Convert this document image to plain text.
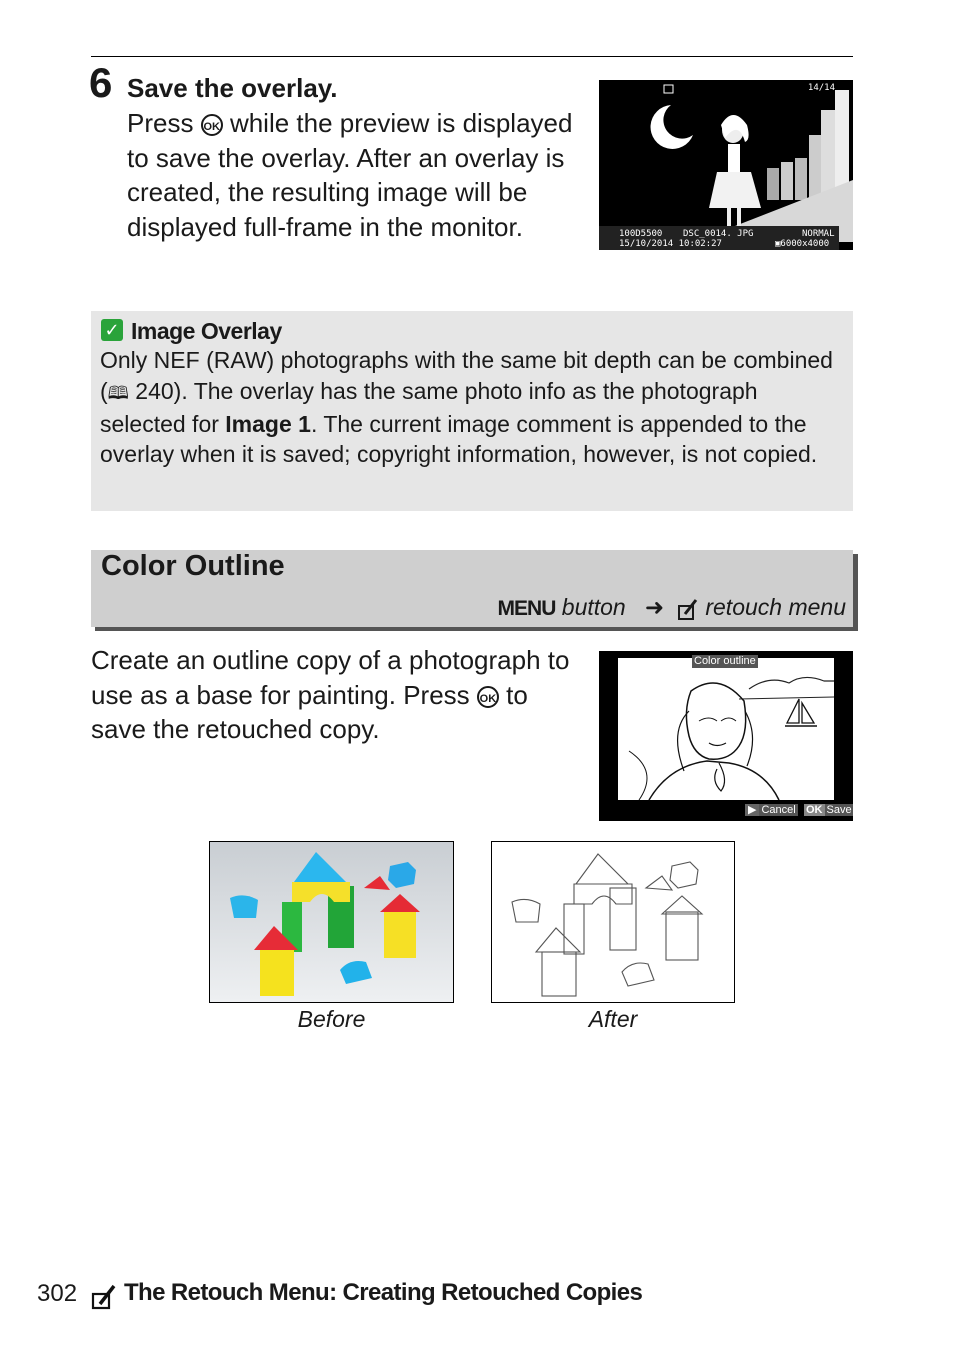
6 Save the overlay.
Press OK while the preview is displayed to save the overlay. After an overlay is created, the resulting image will be displayed full-frame in the monitor.
14/14
100D5500 DSC_0014. JPG
15/10/2014 10:02:27
NORMAL
▣6000x4000
✓ Image Overlay
Only NEF (RAW) photographs with the same bit depth can be combined (🕮 240). The overlay has the same photo info as the photograph selected for Image 1. The current image comment is appended to the overlay when it is saved; copyright information, however, is not copied.
Color Outline
MENU button ➜ retouch menu
Create an outline copy of a photograph to use as a base for painting. Press OK to save the retouched copy.
Color outline
▶ Cancel OK Save
Before	After
302 The Retouch Menu: Creating Retouched Copies
